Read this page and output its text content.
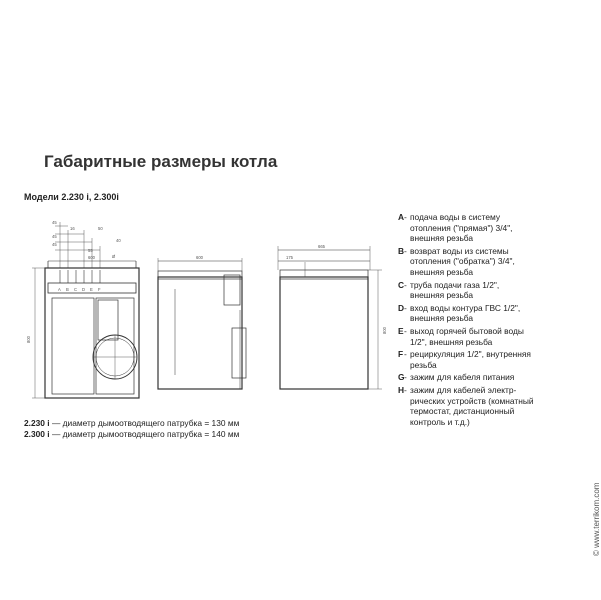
Габаритные размеры котла
Модели 2.230 i, 2.300i
45
16	50
45
40
45
55
Ø
600
800
600
665
175
800
A B C D E F
A - подача воды в систему
отопления ("прямая") 3/4",
внешняя резьба
B - возврат воды из системы
отопления ("обратка") 3/4",
внешняя резьба
C - труба подачи газа 1/2",
внешняя резьба
D - вход воды контура ГВС 1/2",
внешняя резьба
E - выход горячей бытовой воды
1/2", внешняя резьба
F - рециркуляция 1/2", внутренняя
резьба
G - зажим для кабеля питания
H - зажим для кабелей электр-
рических устройств (комнатный
термостат, дистанционный
контроль и т.д.)
2.230 i — диаметр дымоотводящего патрубка = 130 мм
2.300 i — диаметр дымоотводящего патрубка = 140 мм
© www.terrikom.com
